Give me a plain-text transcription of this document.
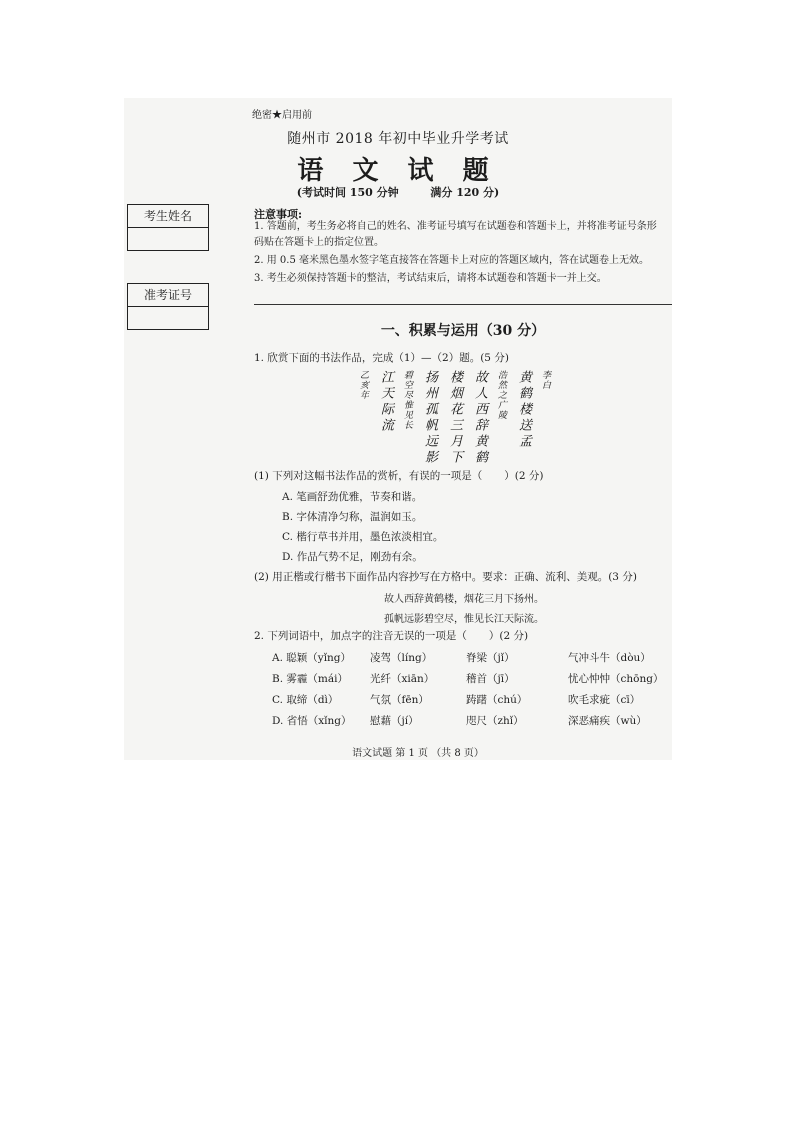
绝密★启用前
随州市 2018 年初中毕业升学考试
语 文 试 题
(考试时间 150 分钟	满分 120 分)
考生姓名
准考证号
注意事项:
1. 答题前，考生务必将自己的姓名、准考证号填写在试题卷和答题卡上，并将准考证号条形
码贴在答题卡上的指定位置。
2. 用 0.5 毫米黑色墨水签字笔直接答在答题卡上对应的答题区域内，答在试题卷上无效。
3. 考生必须保持答题卡的整洁，考试结束后，请将本试题卷和答题卡一并上交。
一、积累与运用（30 分）
1. 欣赏下面的书法作品，完成（1）—（2）题。(5 分)
李白
黄鹤楼送孟
浩然之广陵
故人西辞黄鹤
楼烟花三月下
扬州孤帆远影
碧空尽惟见长
江天际流
乙亥年
(1) 下列对这幅书法作品的赏析，有误的一项是（ ）(2 分)
A. 笔画舒劲优雅，节奏和谐。
B. 字体清净匀称，温润如玉。
C. 楷行草书并用，墨色浓淡相宜。
D. 作品气势不足，刚劲有余。
(2) 用正楷或行楷书下面作品内容抄写在方格中。要求：正确、流利、美观。(3 分)
故人西辞黄鹤楼，烟花三月下扬州。
孤帆远影碧空尽，惟见长江天际流。
2. 下列词语中，加点字的注音无误的一项是（ ）(2 分)
A. 聪颖（yǐng） 凌驾（líng）	脊梁（jǐ）	气冲斗牛（dòu）
B. 雾霾（mái） 光纤（xiān）	稽首（jī）	忧心忡忡（chōng）
C. 取缔（dì）	气氛（fēn）	踌躇（chú）	吹毛求疵（cī）
D. 省悟（xǐng） 慰藉（jí）	咫尺（zhǐ）	深恶痛疾（wù）
语文试题 第 1 页 （共 8 页）
